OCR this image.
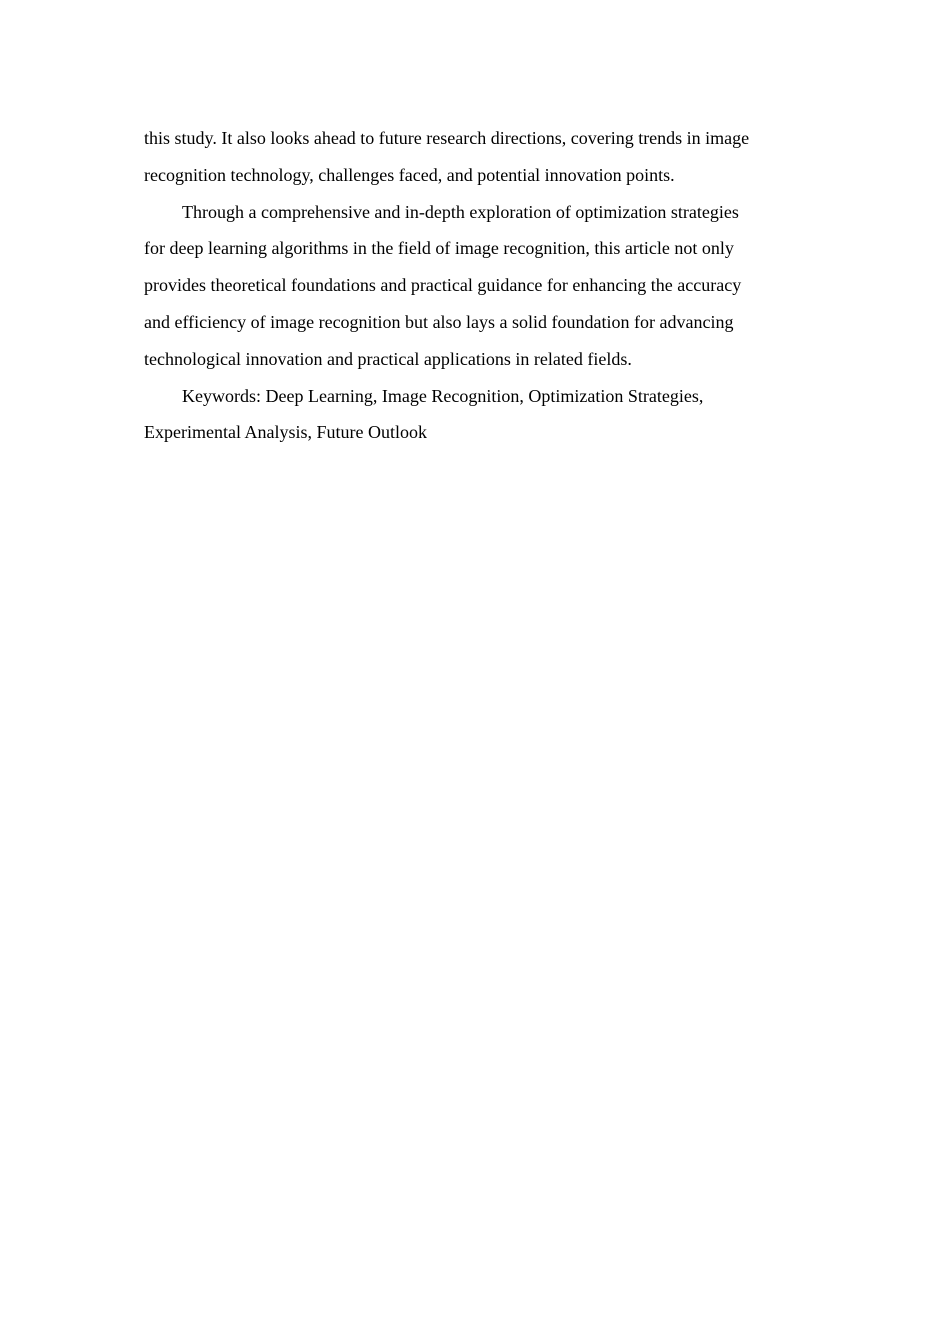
this study. It also looks ahead to future research directions, covering trends in image
recognition technology, challenges faced, and potential innovation points.

Through a comprehensive and in-depth exploration of optimization strategies
for deep learning algorithms in the field of image recognition, this article not only
provides theoretical foundations and practical guidance for enhancing the accuracy
and efficiency of image recognition but also lays a solid foundation for advancing
technological innovation and practical applications in related fields.

Keywords: Deep Learning, Image Recognition, Optimization Strategies,
Experimental Analysis, Future Outlook
